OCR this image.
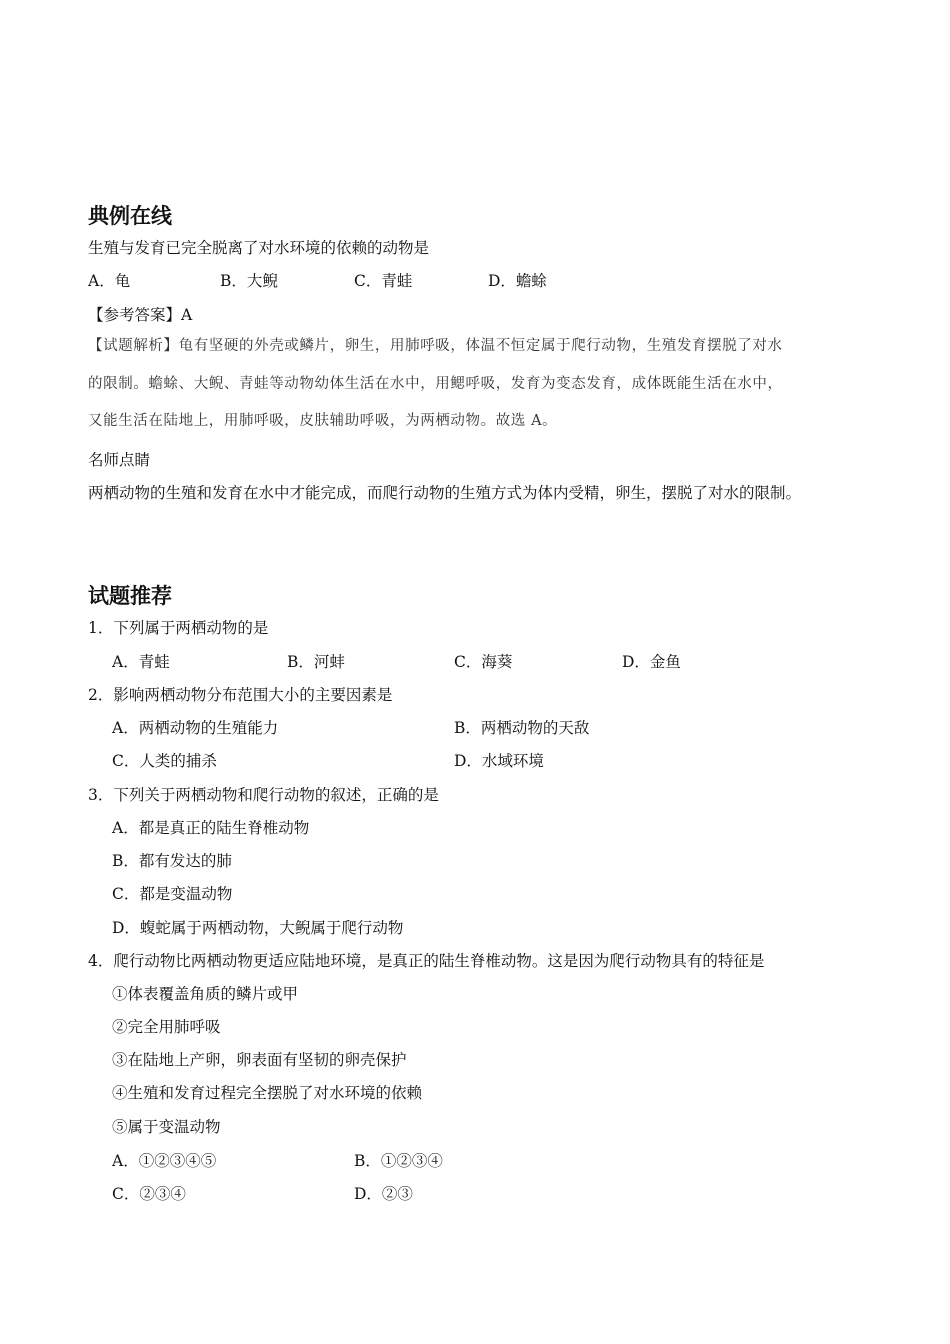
典例在线
生殖与发育已完全脱离了对水环境的依赖的动物是
A．龟	B．大鲵	C．青蛙	D．蟾蜍
【参考答案】A
【试题解析】龟有坚硬的外壳或鳞片，卵生，用肺呼吸，体温不恒定属于爬行动物，生殖发育摆脱了对水
的限制。蟾蜍、大鲵、青蛙等动物幼体生活在水中，用鳃呼吸，发育为变态发育，成体既能生活在水中，
又能生活在陆地上，用肺呼吸，皮肤辅助呼吸，为两栖动物。故选 A。
名师点睛
两栖动物的生殖和发育在水中才能完成，而爬行动物的生殖方式为体内受精，卵生，摆脱了对水的限制。
试题推荐
1．下列属于两栖动物的是
A．青蛙	B．河蚌	C．海葵	D．金鱼
2．影响两栖动物分布范围大小的主要因素是
A．两栖动物的生殖能力	B．两栖动物的天敌
C．人类的捕杀	D．水域环境
3．下列关于两栖动物和爬行动物的叙述，正确的是
A．都是真正的陆生脊椎动物
B．都有发达的肺
C．都是变温动物
D．蝮蛇属于两栖动物，大鲵属于爬行动物
4．爬行动物比两栖动物更适应陆地环境，是真正的陆生脊椎动物。这是因为爬行动物具有的特征是
①体表覆盖角质的鳞片或甲
②完全用肺呼吸
③在陆地上产卵，卵表面有坚韧的卵壳保护
④生殖和发育过程完全摆脱了对水环境的依赖
⑤属于变温动物
A．①②③④⑤	B．①②③④
C．②③④	D．②③
